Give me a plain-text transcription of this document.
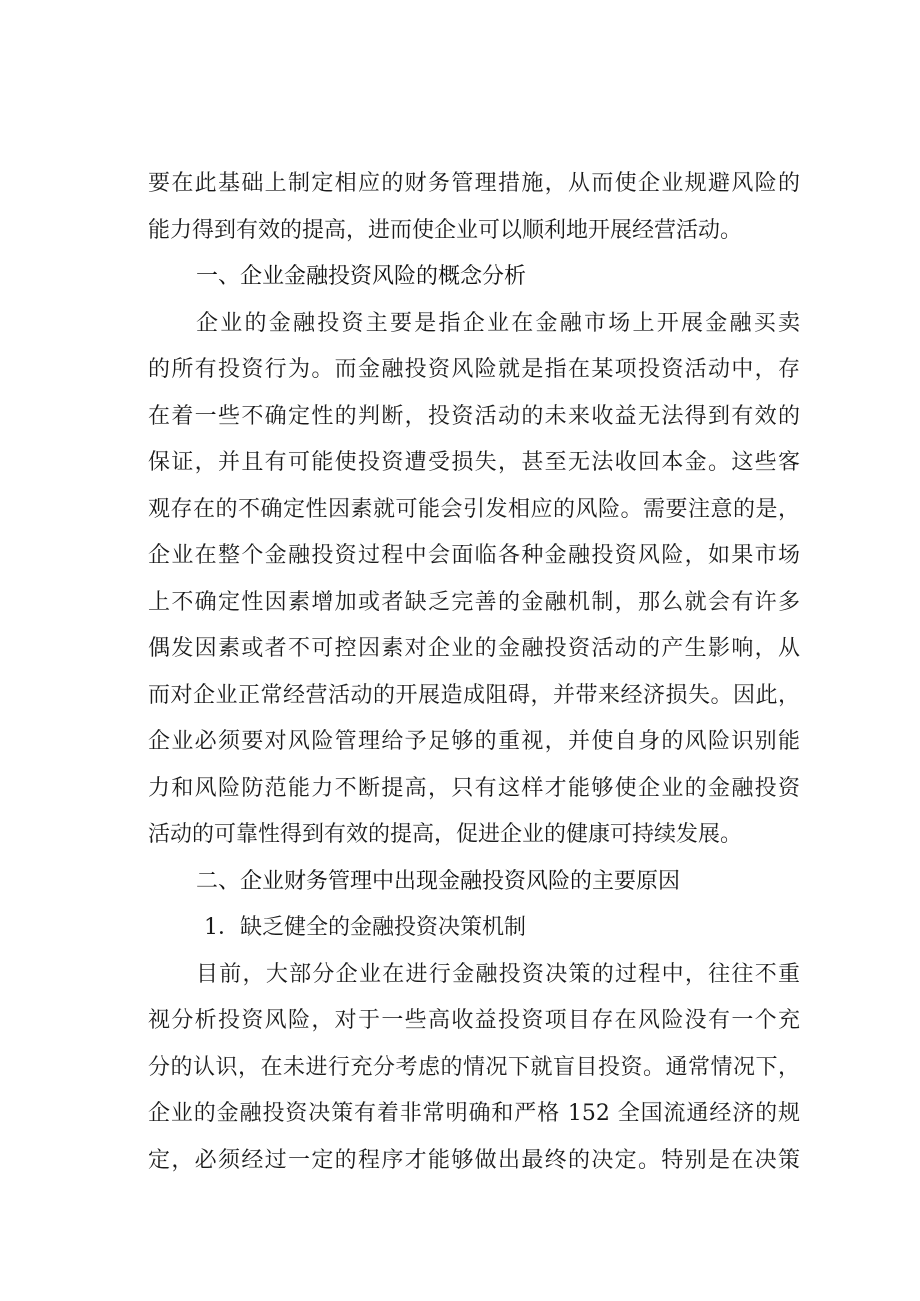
要在此基础上制定相应的财务管理措施，从而使企业规避风险的
能力得到有效的提高，进而使企业可以顺利地开展经营活动。
一、企业金融投资风险的概念分析
企业的金融投资主要是指企业在金融市场上开展金融买卖
的所有投资行为。而金融投资风险就是指在某项投资活动中，存
在着一些不确定性的判断，投资活动的未来收益无法得到有效的
保证，并且有可能使投资遭受损失，甚至无法收回本金。这些客
观存在的不确定性因素就可能会引发相应的风险。需要注意的是，
企业在整个金融投资过程中会面临各种金融投资风险，如果市场
上不确定性因素增加或者缺乏完善的金融机制，那么就会有许多
偶发因素或者不可控因素对企业的金融投资活动的产生影响，从
而对企业正常经营活动的开展造成阻碍，并带来经济损失。因此，
企业必须要对风险管理给予足够的重视，并使自身的风险识别能
力和风险防范能力不断提高，只有这样才能够使企业的金融投资
活动的可靠性得到有效的提高，促进企业的健康可持续发展。
二、企业财务管理中出现金融投资风险的主要原因
1．缺乏健全的金融投资决策机制
目前，大部分企业在进行金融投资决策的过程中，往往不重
视分析投资风险，对于一些高收益投资项目存在风险没有一个充
分的认识，在未进行充分考虑的情况下就盲目投资。通常情况下，
企业的金融投资决策有着非常明确和严格 152 全国流通经济的规
定，必须经过一定的程序才能够做出最终的决定。特别是在决策
